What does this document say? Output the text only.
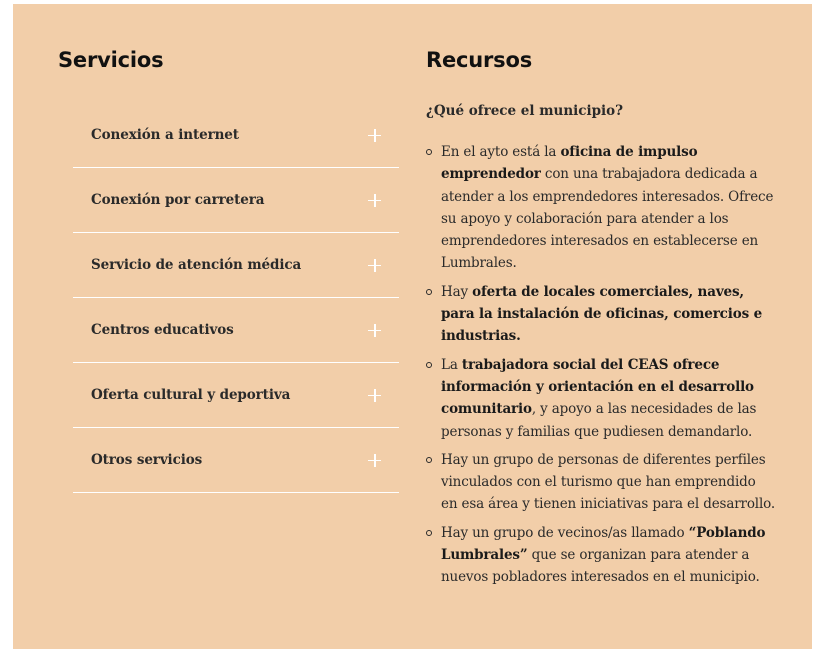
Servicios
Conexión a internet
Conexión por carretera
Servicio de atención médica
Centros educativos
Oferta cultural y deportiva
Otros servicios
Recursos

¿Qué ofrece el municipio?

En el ayto está la oficina de impulso emprendedor con una trabajadora dedicada a atender a los emprendedores interesados. Ofrece su apoyo y colaboración para atender a los emprendedores interesados en establecerse en Lumbrales.
Hay oferta de locales comerciales, naves, para la instalación de oficinas, comercios e industrias.
La trabajadora social del CEAS ofrece información y orientación en el desarrollo comunitario, y apoyo a las necesidades de las personas y familias que pudiesen demandarlo.
Hay un grupo de personas de diferentes perfiles vinculados con el turismo que han emprendido en esa área y tienen iniciativas para el desarrollo.
Hay un grupo de vecinos/as llamado “Poblando Lumbrales” que se organizan para atender a nuevos pobladores interesados en el municipio.
